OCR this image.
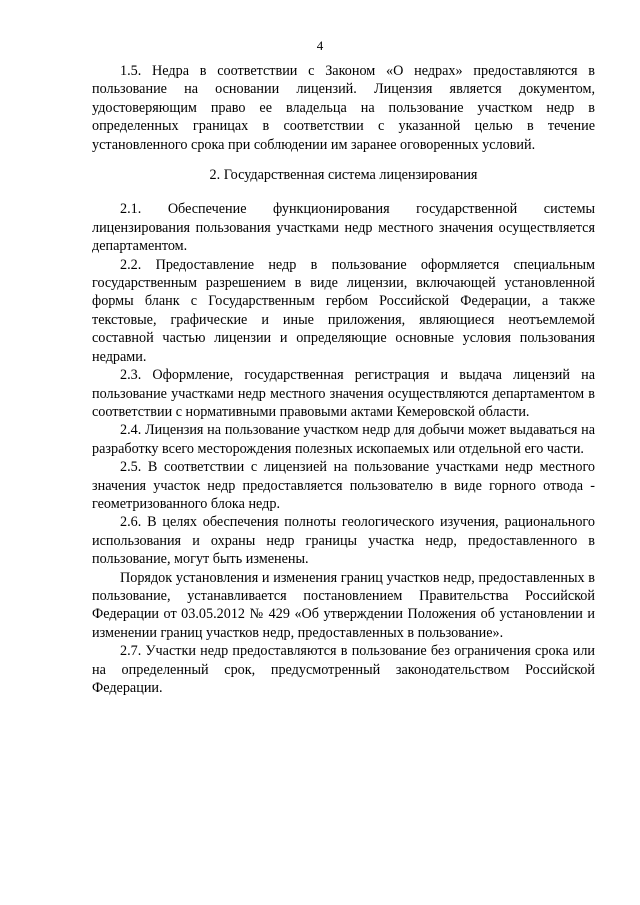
4

1.5. Недра в соответствии с Законом «О недрах» предоставляются в пользование на основании лицензий. Лицензия является документом, удостоверяющим право ее владельца на пользование участком недр в определенных границах в соответствии с указанной целью в течение установленного срока при соблюдении им заранее оговоренных условий.

2. Государственная система лицензирования

2.1. Обеспечение функционирования государственной системы лицензирования пользования участками недр местного значения осуществляется департаментом.

2.2. Предоставление недр в пользование оформляется специальным государственным разрешением в виде лицензии, включающей установленной формы бланк с Государственным гербом Российской Федерации, а также текстовые, графические и иные приложения, являющиеся неотъемлемой составной частью лицензии и определяющие основные условия пользования недрами.

2.3. Оформление, государственная регистрация и выдача лицензий на пользование участками недр местного значения осуществляются департаментом в соответствии с нормативными правовыми актами Кемеровской области.

2.4. Лицензия на пользование участком недр для добычи может выдаваться на разработку всего месторождения полезных ископаемых или отдельной его части.

2.5. В соответствии с лицензией на пользование участками недр местного значения участок недр предоставляется пользователю в виде горного отвода - геометризованного блока недр.

2.6. В целях обеспечения полноты геологического изучения, рационального использования и охраны недр границы участка недр, предоставленного в пользование, могут быть изменены.

Порядок установления и изменения границ участков недр, предоставленных в пользование, устанавливается постановлением Правительства Российской Федерации от 03.05.2012 № 429 «Об утверждении Положения об установлении и изменении границ участков недр, предоставленных в пользование».

2.7. Участки недр предоставляются в пользование без ограничения срока или на определенный срок, предусмотренный законодательством Российской Федерации.
